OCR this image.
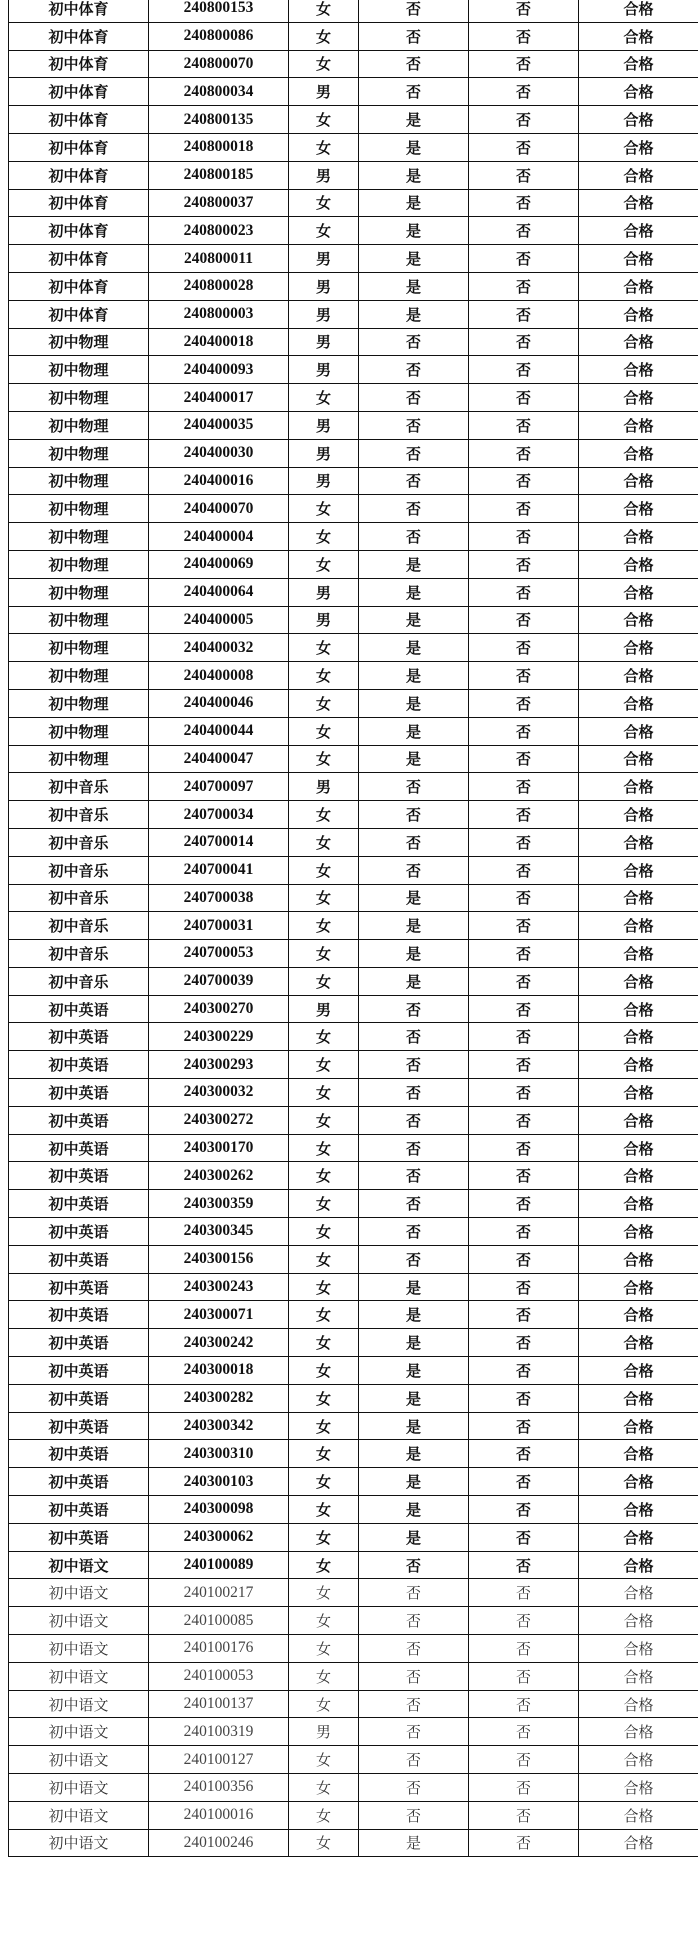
初中体育	240800153	女	否	否	合格
初中体育	240800086	女	否	否	合格
初中体育	240800070	女	否	否	合格
初中体育	240800034	男	否	否	合格
初中体育	240800135	女	是	否	合格
初中体育	240800018	女	是	否	合格
初中体育	240800185	男	是	否	合格
初中体育	240800037	女	是	否	合格
初中体育	240800023	女	是	否	合格
初中体育	240800011	男	是	否	合格
初中体育	240800028	男	是	否	合格
初中体育	240800003	男	是	否	合格
初中物理	240400018	男	否	否	合格
初中物理	240400093	男	否	否	合格
初中物理	240400017	女	否	否	合格
初中物理	240400035	男	否	否	合格
初中物理	240400030	男	否	否	合格
初中物理	240400016	男	否	否	合格
初中物理	240400070	女	否	否	合格
初中物理	240400004	女	否	否	合格
初中物理	240400069	女	是	否	合格
初中物理	240400064	男	是	否	合格
初中物理	240400005	男	是	否	合格
初中物理	240400032	女	是	否	合格
初中物理	240400008	女	是	否	合格
初中物理	240400046	女	是	否	合格
初中物理	240400044	女	是	否	合格
初中物理	240400047	女	是	否	合格
初中音乐	240700097	男	否	否	合格
初中音乐	240700034	女	否	否	合格
初中音乐	240700014	女	否	否	合格
初中音乐	240700041	女	否	否	合格
初中音乐	240700038	女	是	否	合格
初中音乐	240700031	女	是	否	合格
初中音乐	240700053	女	是	否	合格
初中音乐	240700039	女	是	否	合格
初中英语	240300270	男	否	否	合格
初中英语	240300229	女	否	否	合格
初中英语	240300293	女	否	否	合格
初中英语	240300032	女	否	否	合格
初中英语	240300272	女	否	否	合格
初中英语	240300170	女	否	否	合格
初中英语	240300262	女	否	否	合格
初中英语	240300359	女	否	否	合格
初中英语	240300345	女	否	否	合格
初中英语	240300156	女	否	否	合格
初中英语	240300243	女	是	否	合格
初中英语	240300071	女	是	否	合格
初中英语	240300242	女	是	否	合格
初中英语	240300018	女	是	否	合格
初中英语	240300282	女	是	否	合格
初中英语	240300342	女	是	否	合格
初中英语	240300310	女	是	否	合格
初中英语	240300103	女	是	否	合格
初中英语	240300098	女	是	否	合格
初中英语	240300062	女	是	否	合格
初中语文	240100089	女	否	否	合格
初中语文	240100217	女	否	否	合格
初中语文	240100085	女	否	否	合格
初中语文	240100176	女	否	否	合格
初中语文	240100053	女	否	否	合格
初中语文	240100137	女	否	否	合格
初中语文	240100319	男	否	否	合格
初中语文	240100127	女	否	否	合格
初中语文	240100356	女	否	否	合格
初中语文	240100016	女	否	否	合格
初中语文	240100246	女	是	否	合格
